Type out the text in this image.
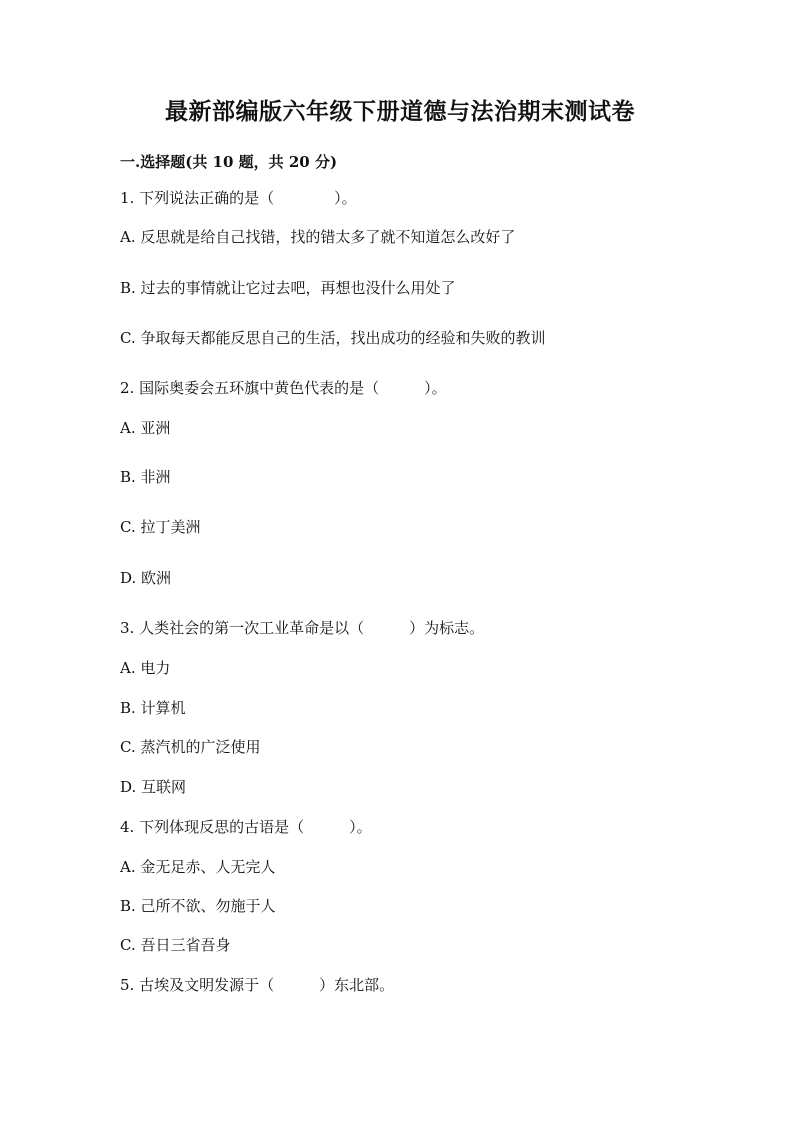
最新部编版六年级下册道德与法治期末测试卷
一.选择题(共 10 题，共 20 分)
1. 下列说法正确的是（　　　　）。
A. 反思就是给自己找错，找的错太多了就不知道怎么改好了
B. 过去的事情就让它过去吧，再想也没什么用处了
C. 争取每天都能反思自己的生活，找出成功的经验和失败的教训
2. 国际奥委会五环旗中黄色代表的是（　　　）。
A. 亚洲
B. 非洲
C. 拉丁美洲
D. 欧洲
3. 人类社会的第一次工业革命是以（　　　）为标志。
A. 电力
B. 计算机
C. 蒸汽机的广泛使用
D. 互联网
4. 下列体现反思的古语是（　　　）。
A. 金无足赤、人无完人
B. 己所不欲、勿施于人
C. 吾日三省吾身
5. 古埃及文明发源于（　　　）东北部。
